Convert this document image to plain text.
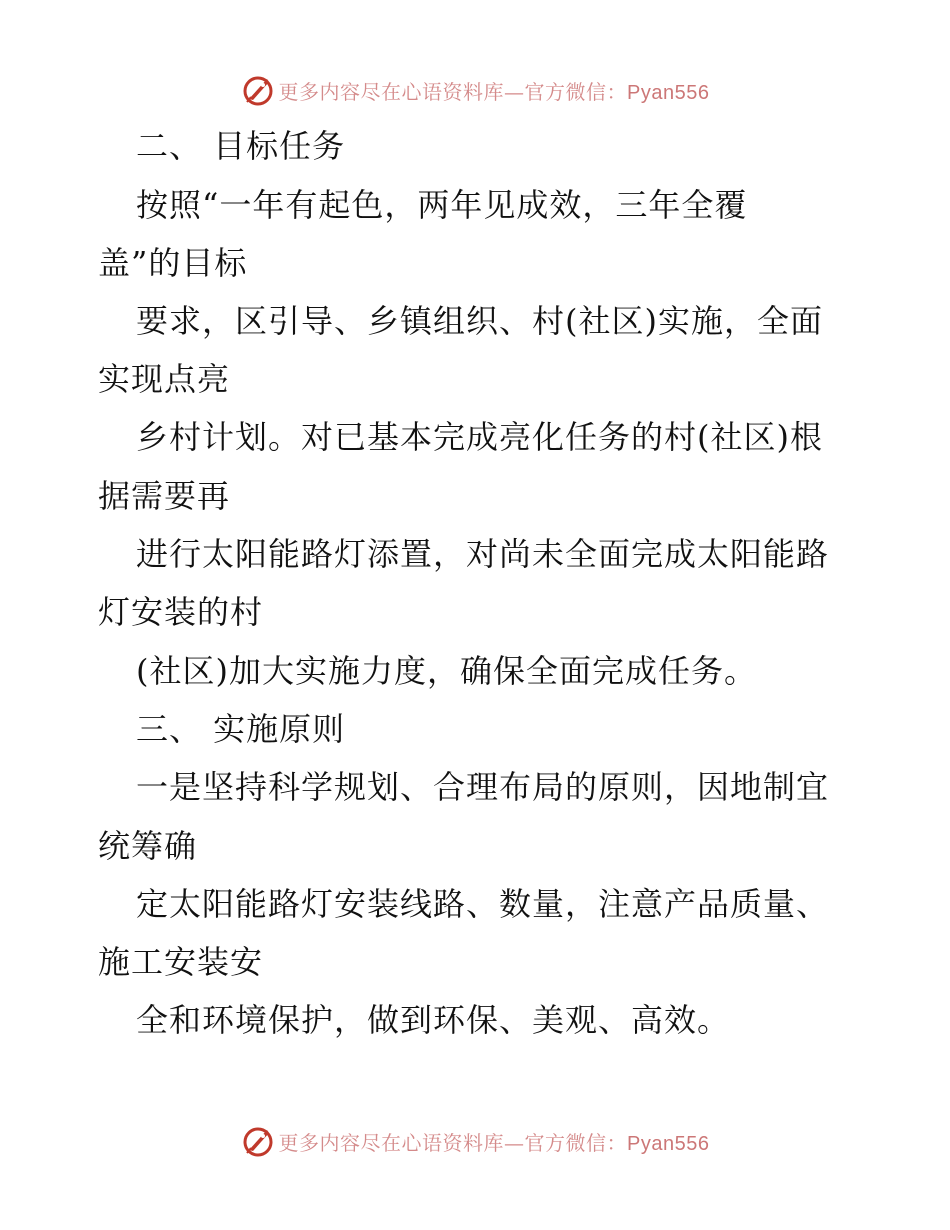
更多内容尽在心语资料库—官方微信：Pyan556
二、 目标任务
按照“一年有起色，两年见成效，三年全覆
盖”的目标
要求，区引导、乡镇组织、村(社区)实施，全面
实现点亮
乡村计划。对已基本完成亮化任务的村(社区)根
据需要再
进行太阳能路灯添置，对尚未全面完成太阳能路
灯安装的村
(社区)加大实施力度，确保全面完成任务。
三、 实施原则
一是坚持科学规划、合理布局的原则，因地制宜
统筹确
定太阳能路灯安装线路、数量，注意产品质量、
施工安装安
全和环境保护，做到环保、美观、高效。
更多内容尽在心语资料库—官方微信：Pyan556
